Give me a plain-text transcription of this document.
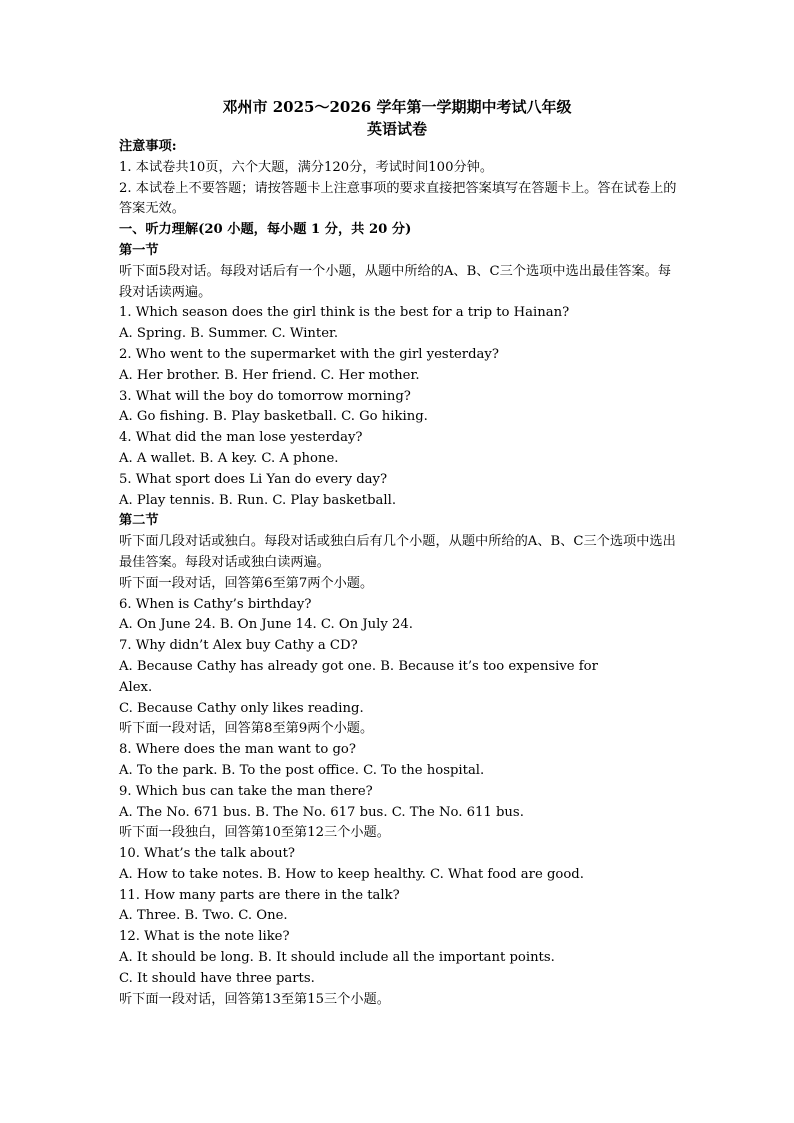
邓州市 2025～2026 学年第一学期期中考试八年级
英语试卷
注意事项:
1. 本试卷共10页，六个大题，满分120分，考试时间100分钟。
2. 本试卷上不要答题；请按答题卡上注意事项的要求直接把答案填写在答题卡上。答在试卷上的答案无效。
一、听力理解(20 小题，每小题 1 分，共 20 分)
第一节
听下面5段对话。每段对话后有一个小题，从题中所给的A、B、C三个选项中选出最佳答案。每段对话读两遍。
1. Which season does the girl think is the best for a trip to Hainan?
A. Spring. B. Summer. C. Winter.
2. Who went to the supermarket with the girl yesterday?
A. Her brother. B. Her friend. C. Her mother.
3. What will the boy do tomorrow morning?
A. Go fishing. B. Play basketball. C. Go hiking.
4. What did the man lose yesterday?
A. A wallet. B. A key. C. A phone.
5. What sport does Li Yan do every day?
A. Play tennis. B. Run. C. Play basketball.
第二节
听下面几段对话或独白。每段对话或独白后有几个小题，从题中所给的A、B、C三个选项中选出最佳答案。每段对话或独白读两遍。
听下面一段对话，回答第6至第7两个小题。
6. When is Cathy’s birthday?
A. On June 24. B. On June 14. C. On July 24.
7. Why didn’t Alex buy Cathy a CD?
A. Because Cathy has already got one. B. Because it’s too expensive for
Alex.
C. Because Cathy only likes reading.
听下面一段对话，回答第8至第9两个小题。
8. Where does the man want to go?
A. To the park. B. To the post office. C. To the hospital.
9. Which bus can take the man there?
A. The No. 671 bus. B. The No. 617 bus. C. The No. 611 bus.
听下面一段独白，回答第10至第12三个小题。
10. What’s the talk about?
A. How to take notes. B. How to keep healthy. C. What food are good.
11. How many parts are there in the talk?
A. Three. B. Two. C. One.
12. What is the note like?
A. It should be long. B. It should include all the important points.
C. It should have three parts.
听下面一段对话，回答第13至第15三个小题。
